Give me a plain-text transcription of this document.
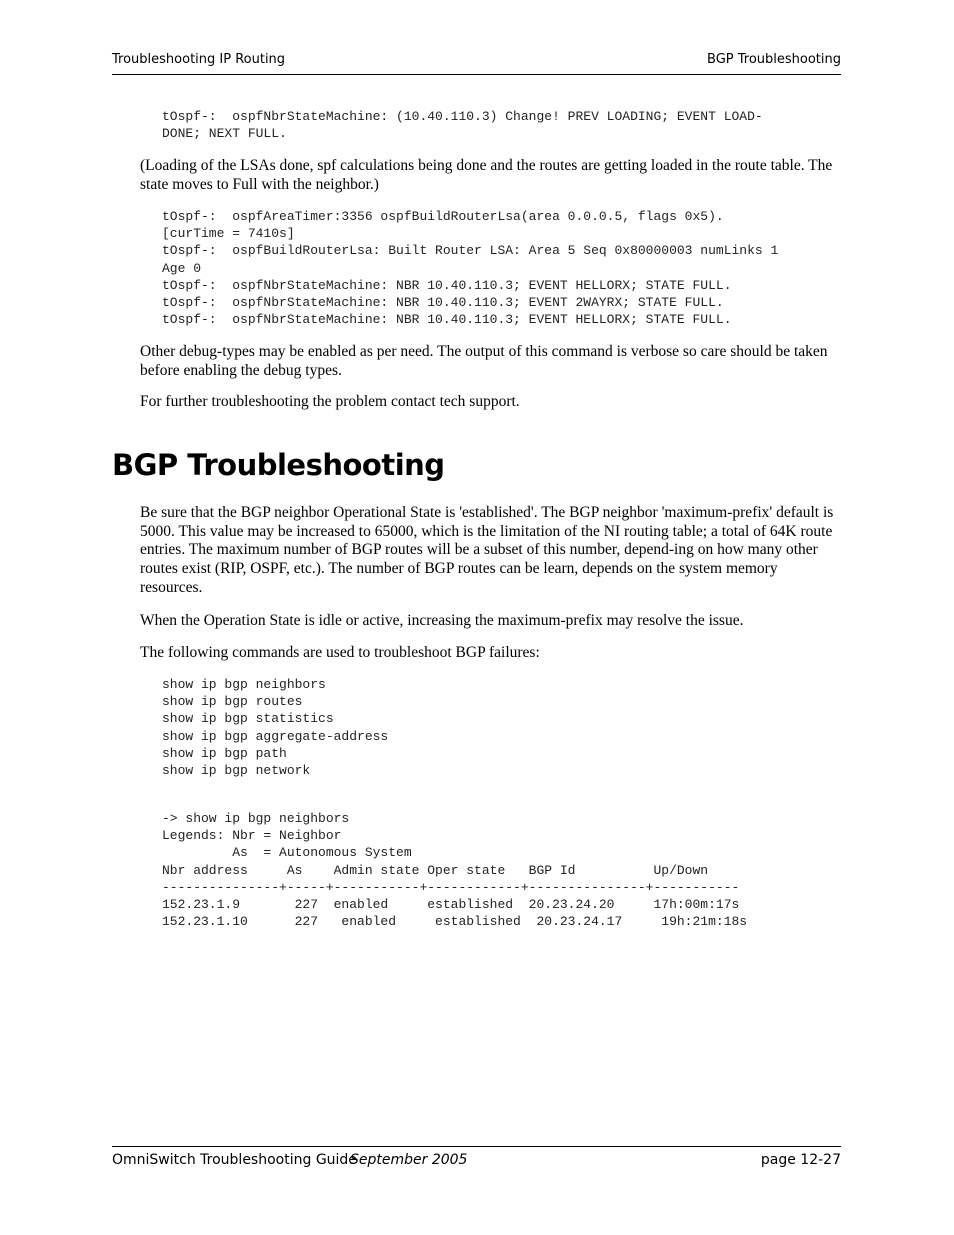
Troubleshooting IP Routing	BGP Troubleshooting
tOspf-:  ospfNbrStateMachine: (10.40.110.3) Change! PREV LOADING; EVENT LOAD-
DONE; NEXT FULL.

(Loading of the LSAs done, spf calculations being done and the routes are getting loaded in the route table. The state moves to Full with the neighbor.)

tOspf-:  ospfAreaTimer:3356 ospfBuildRouterLsa(area 0.0.0.5, flags 0x5).
[curTime = 7410s]
tOspf-:  ospfBuildRouterLsa: Built Router LSA: Area 5 Seq 0x80000003 numLinks 1
Age 0
tOspf-:  ospfNbrStateMachine: NBR 10.40.110.3; EVENT HELLORX; STATE FULL.
tOspf-:  ospfNbrStateMachine: NBR 10.40.110.3; EVENT 2WAYRX; STATE FULL.
tOspf-:  ospfNbrStateMachine: NBR 10.40.110.3; EVENT HELLORX; STATE FULL.

Other debug-types may be enabled as per need. The output of this command is verbose so care should be taken before enabling the debug types.

For further troubleshooting the problem contact tech support.

BGP Troubleshooting

Be sure that the BGP neighbor Operational State is 'established'. The BGP neighbor 'maximum-prefix' default is 5000. This value may be increased to 65000, which is the limitation of the NI routing table; a total of 64K route entries. The maximum number of BGP routes will be a subset of this number, depend-ing on how many other routes exist (RIP, OSPF, etc.). The number of BGP routes can be learn, depends on the system memory resources.

When the Operation State is idle or active, increasing the maximum-prefix may resolve the issue.

The following commands are used to troubleshoot BGP failures:

show ip bgp neighbors
show ip bgp routes
show ip bgp statistics
show ip bgp aggregate-address
show ip bgp path
show ip bgp network
-> show ip bgp neighbors
Legends: Nbr = Neighbor
As  = Autonomous System
Nbr address     As    Admin state Oper state   BGP Id          Up/Down
---------------+-----+-----------+------------+---------------+-----------
152.23.1.9       227  enabled     established  20.23.24.20     17h:00m:17s
152.23.1.10      227   enabled     established  20.23.24.17     19h:21m:18s
OmniSwitch Troubleshooting Guide
September 2005	page 12-27
